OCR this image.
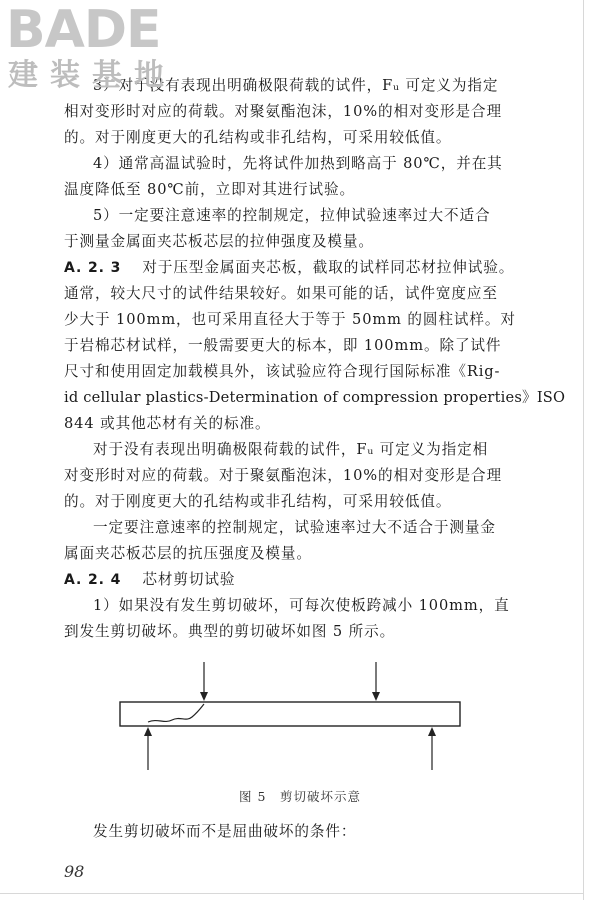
3）对于没有表现出明确极限荷载的试件，Fᵤ 可定义为指定
相对变形时对应的荷载。对聚氨酯泡沫，10%的相对变形是合理
的。对于刚度更大的孔结构或非孔结构，可采用较低值。
4）通常高温试验时，先将试件加热到略高于 80℃，并在其
温度降低至 80℃前，立即对其进行试验。
5）一定要注意速率的控制规定，拉伸试验速率过大不适合
于测量金属面夹芯板芯层的拉伸强度及模量。
A. 2. 3 对于压型金属面夹芯板，截取的试样同芯材拉伸试验。
通常，较大尺寸的试件结果较好。如果可能的话，试件宽度应至
少大于 100mm，也可采用直径大于等于 50mm 的圆柱试样。对
于岩棉芯材试样，一般需要更大的标本，即 100mm。除了试件
尺寸和使用固定加载模具外，该试验应符合现行国际标准《Rig-
id cellular plastics-Determination of compression properties》ISO
844 或其他芯材有关的标准。
对于没有表现出明确极限荷载的试件，Fᵤ 可定义为指定相
对变形时对应的荷载。对于聚氨酯泡沫，10%的相对变形是合理
的。对于刚度更大的孔结构或非孔结构，可采用较低值。
一定要注意速率的控制规定，试验速率过大不适合于测量金
属面夹芯板芯层的抗压强度及模量。
A. 2. 4 芯材剪切试验
1）如果没有发生剪切破坏，可每次使板跨减小 100mm，直
到发生剪切破坏。典型的剪切破坏如图 5 所示。
发生剪切破坏而不是屈曲破坏的条件：
图 5　剪切破坏示意
98
BADE
建装基地
